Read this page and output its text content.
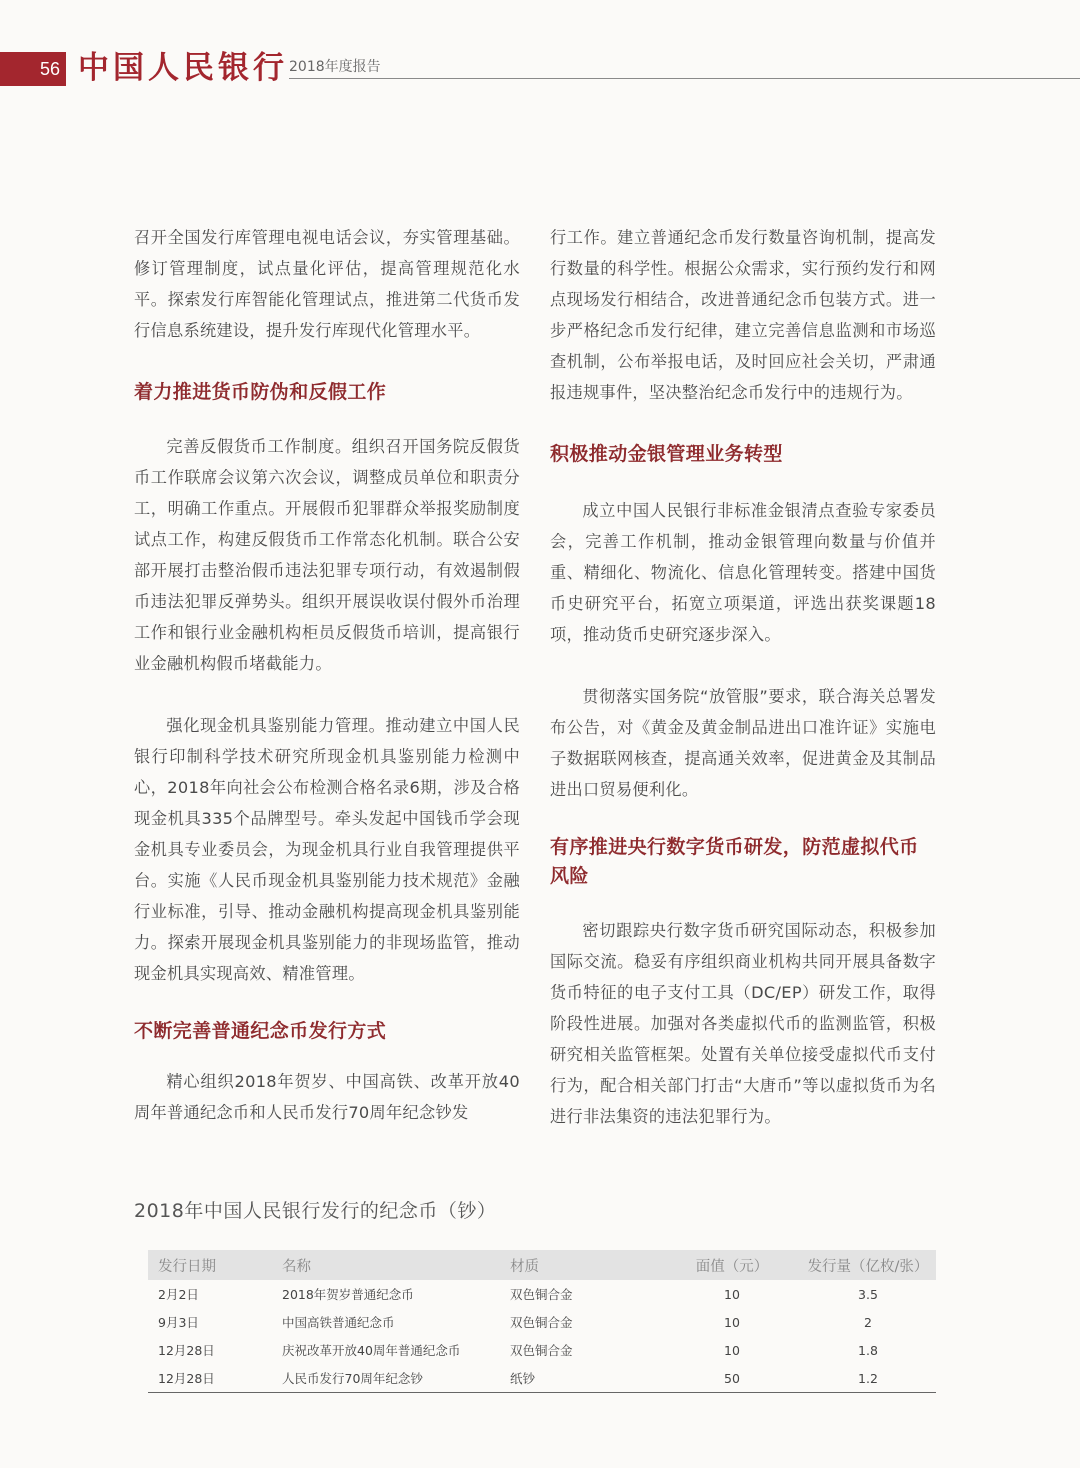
56 中国人民银行 2018年度报告

召开全国发行库管理电视电话会议，夯实管理基础。修订管理制度，试点量化评估，提高管理规范化水平。探索发行库智能化管理试点，推进第二代货币发行信息系统建设，提升发行库现代化管理水平。

着力推进货币防伪和反假工作

完善反假货币工作制度。组织召开国务院反假货币工作联席会议第六次会议，调整成员单位和职责分工，明确工作重点。开展假币犯罪群众举报奖励制度试点工作，构建反假货币工作常态化机制。联合公安部开展打击整治假币违法犯罪专项行动，有效遏制假币违法犯罪反弹势头。组织开展误收误付假外币治理工作和银行业金融机构柜员反假货币培训，提高银行业金融机构假币堵截能力。

强化现金机具鉴别能力管理。推动建立中国人民银行印制科学技术研究所现金机具鉴别能力检测中心，2018年向社会公布检测合格名录6期，涉及合格现金机具335个品牌型号。牵头发起中国钱币学会现金机具专业委员会，为现金机具行业自我管理提供平台。实施《人民币现金机具鉴别能力技术规范》金融行业标准，引导、推动金融机构提高现金机具鉴别能力。探索开展现金机具鉴别能力的非现场监管，推动现金机具实现高效、精准管理。

不断完善普通纪念币发行方式

精心组织2018年贺岁、中国高铁、改革开放40周年普通纪念币和人民币发行70周年纪念钞发

行工作。建立普通纪念币发行数量咨询机制，提高发行数量的科学性。根据公众需求，实行预约发行和网点现场发行相结合，改进普通纪念币包装方式。进一步严格纪念币发行纪律，建立完善信息监测和市场巡查机制，公布举报电话，及时回应社会关切，严肃通报违规事件，坚决整治纪念币发行中的违规行为。

积极推动金银管理业务转型

成立中国人民银行非标准金银清点查验专家委员会，完善工作机制，推动金银管理向数量与价值并重、精细化、物流化、信息化管理转变。搭建中国货币史研究平台，拓宽立项渠道，评选出获奖课题18项，推动货币史研究逐步深入。

贯彻落实国务院“放管服”要求，联合海关总署发布公告，对《黄金及黄金制品进出口准许证》实施电子数据联网核查，提高通关效率，促进黄金及其制品进出口贸易便利化。

有序推进央行数字货币研发，防范虚拟代币风险

密切跟踪央行数字货币研究国际动态，积极参加国际交流。稳妥有序组织商业机构共同开展具备数字货币特征的电子支付工具（DC/EP）研发工作，取得阶段性进展。加强对各类虚拟代币的监测监管，积极研究相关监管框架。处置有关单位接受虚拟代币支付行为，配合相关部门打击“大唐币”等以虚拟货币为名进行非法集资的违法犯罪行为。

2018年中国人民银行发行的纪念币（钞）
发行日期	名称	材质	面值（元）	发行量（亿枚/张）
2月2日	2018年贺岁普通纪念币	双色铜合金	10	3.5
9月3日	中国高铁普通纪念币	双色铜合金	10	2
12月28日	庆祝改革开放40周年普通纪念币	双色铜合金	10	1.8
12月28日	人民币发行70周年纪念钞	纸钞	50	1.2
